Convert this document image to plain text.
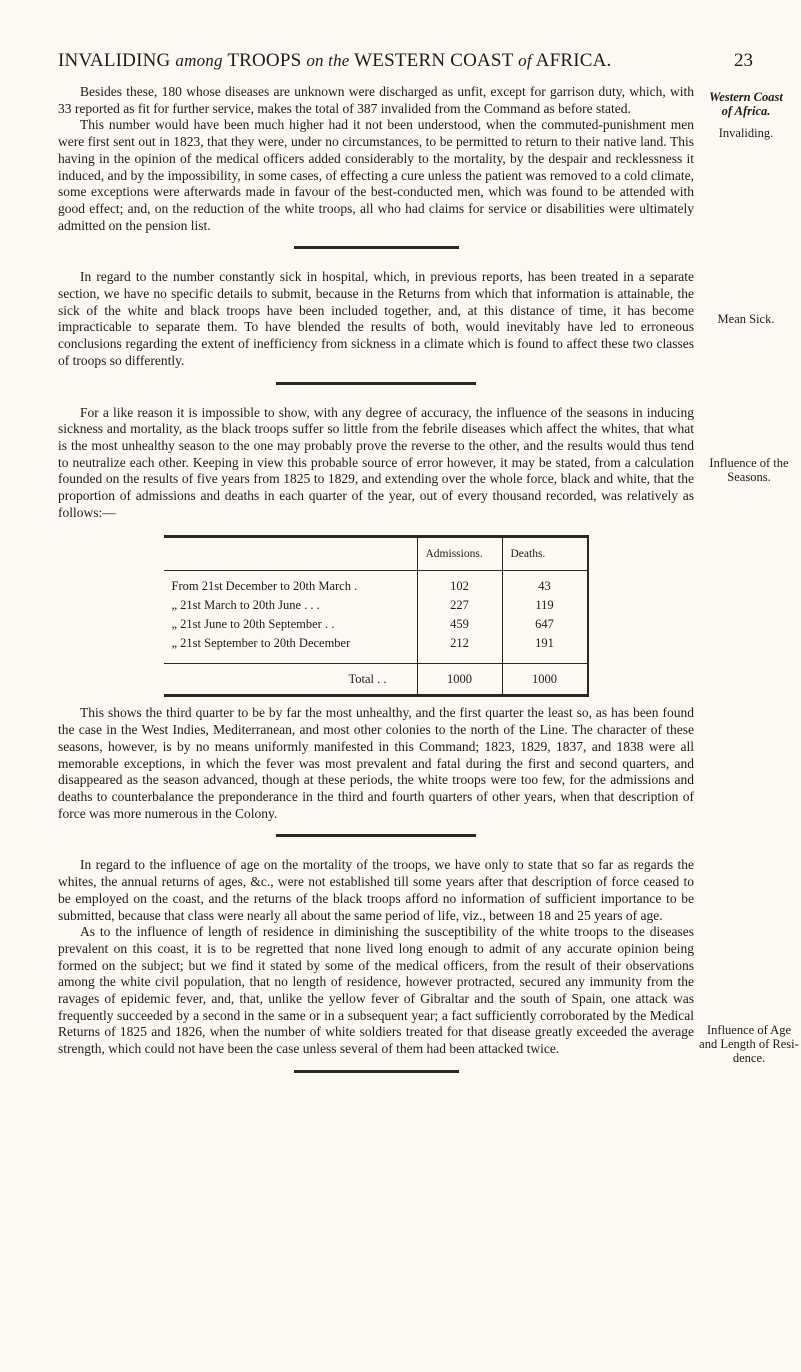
INVALIDING among TROOPS on the WESTERN COAST of AFRICA.	23
Western Coast
of Africa.
Invaliding.
Mean Sick.
Influence of the
Seasons.
Influence of Age
and Length of Resi-
dence.

Besides these, 180 whose diseases are unknown were discharged as unfit, except for garrison duty, which, with 33 reported as fit for further service, makes the total of 387 invalided from the Command as before stated.

This number would have been much higher had it not been understood, when the commuted-punishment men were first sent out in 1823, that they were, under no circumstances, to be permitted to return to their native land. This having in the opinion of the medical officers added considerably to the mortality, by the despair and recklessness it induced, and by the impossibility, in some cases, of effecting a cure unless the patient was removed to a cold climate, some exceptions were afterwards made in favour of the best-conducted men, which was found to be attended with good effect; and, on the reduction of the white troops, all who had claims for service or disabilities were ultimately admitted on the pension list.

In regard to the number constantly sick in hospital, which, in previous reports, has been treated in a separate section, we have no specific details to submit, because in the Returns from which that information is attainable, the sick of the white and black troops have been included together, and, at this distance of time, it has become impracticable to separate them. To have blended the results of both, would inevitably have led to erroneous conclusions regarding the extent of inefficiency from sickness in a climate which is found to affect these two classes of troops so differently.

For a like reason it is impossible to show, with any degree of accuracy, the influence of the seasons in inducing sickness and mortality, as the black troops suffer so little from the febrile diseases which affect the whites, that what is the most unhealthy season to the one may probably prove the reverse to the other, and the results would thus tend to neutralize each other. Keeping in view this probable source of error however, it may be stated, from a calculation founded on the results of five years from 1825 to 1829, and extending over the whole force, black and white, that the proportion of admissions and deaths in each quarter of the year, out of every thousand recorded, was relatively as follows:—

	Admissions.	Deaths.
From 21st December to 20th March .	102	43
„ 21st March to 20th June . . .	227	119
„ 21st June to 20th September . .	459	647
„ 21st September to 20th December	212	191
Total . .	1000	1000

This shows the third quarter to be by far the most unhealthy, and the first quarter the least so, as has been found the case in the West Indies, Mediterranean, and most other colonies to the north of the Line. The character of these seasons, however, is by no means uniformly manifested in this Command; 1823, 1829, 1837, and 1838 were all memorable exceptions, in which the fever was most prevalent and fatal during the first and second quarters, and disappeared as the season advanced, though at these periods, the white troops were too few, for the admissions and deaths to counterbalance the preponderance in the third and fourth quarters of other years, when that description of force was more numerous in the Colony.

In regard to the influence of age on the mortality of the troops, we have only to state that so far as regards the whites, the annual returns of ages, &c., were not established till some years after that description of force ceased to be employed on the coast, and the returns of the black troops afford no information of sufficient importance to be submitted, because that class were nearly all about the same period of life, viz., between 18 and 25 years of age.

As to the influence of length of residence in diminishing the susceptibility of the white troops to the diseases prevalent on this coast, it is to be regretted that none lived long enough to admit of any accurate opinion being formed on the subject; but we find it stated by some of the medical officers, from the result of their observations among the white civil population, that no length of residence, however protracted, secured any immunity from the ravages of epidemic fever, and, that, unlike the yellow fever of Gibraltar and the south of Spain, one attack was frequently succeeded by a second in the same or in a subsequent year; a fact sufficiently corroborated by the Medical Returns of 1825 and 1826, when the number of white soldiers treated for that disease greatly exceeded the average strength, which could not have been the case unless several of them had been attacked twice.
